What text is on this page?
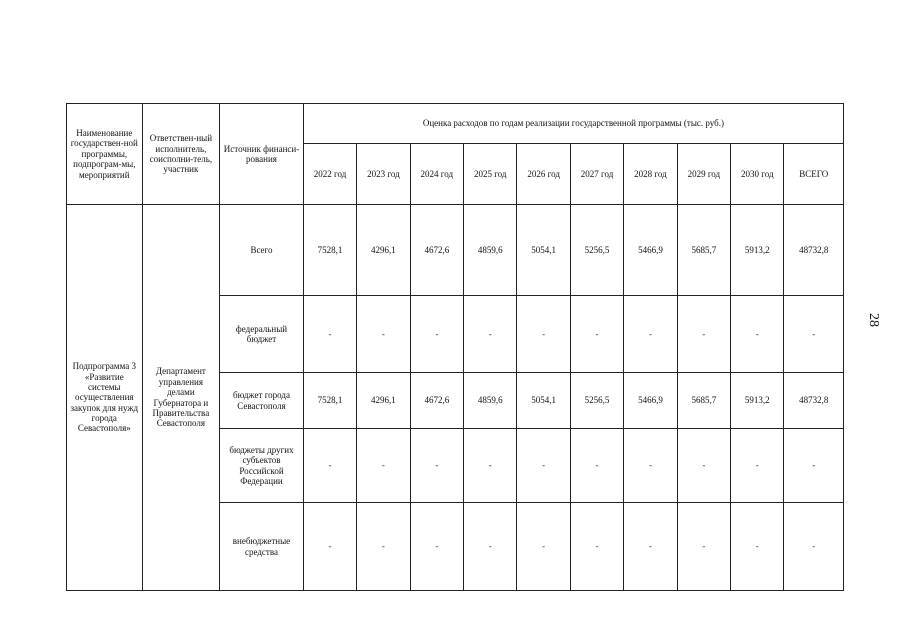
Наименование государствен-ной программы, подпрограм-мы, мероприятий	Ответствен-ный исполнитель, соисполни-тель, участник	Источник финанси-рования	Оценка расходов по годам реализации государственной программы (тыс. руб.)									
			2022 год	2023 год	2024 год	2025 год	2026 год	2027 год	2028 год	2029 год	2030 год	ВСЕГО
Подпрограмма 3 «Развитие системы осуществления закупок для нужд города Севастополя»	Департамент управления делами Губернатора и Правительства Севастополя	Всего	7528,1	4296,1	4672,6	4859,6	5054,1	5256,5	5466,9	5685,7	5913,2	48732,8
		федеральный бюджет	-	-	-	-	-	-	-	-	-	-
		бюджет города Севастополя	7528,1	4296,1	4672,6	4859,6	5054,1	5256,5	5466,9	5685,7	5913,2	48732,8
		бюджеты других субъектов Российской Федерации	-	-	-	-	-	-	-	-	-	-
		внебюджетные средства	-	-	-	-	-	-	-	-	-	-
28
